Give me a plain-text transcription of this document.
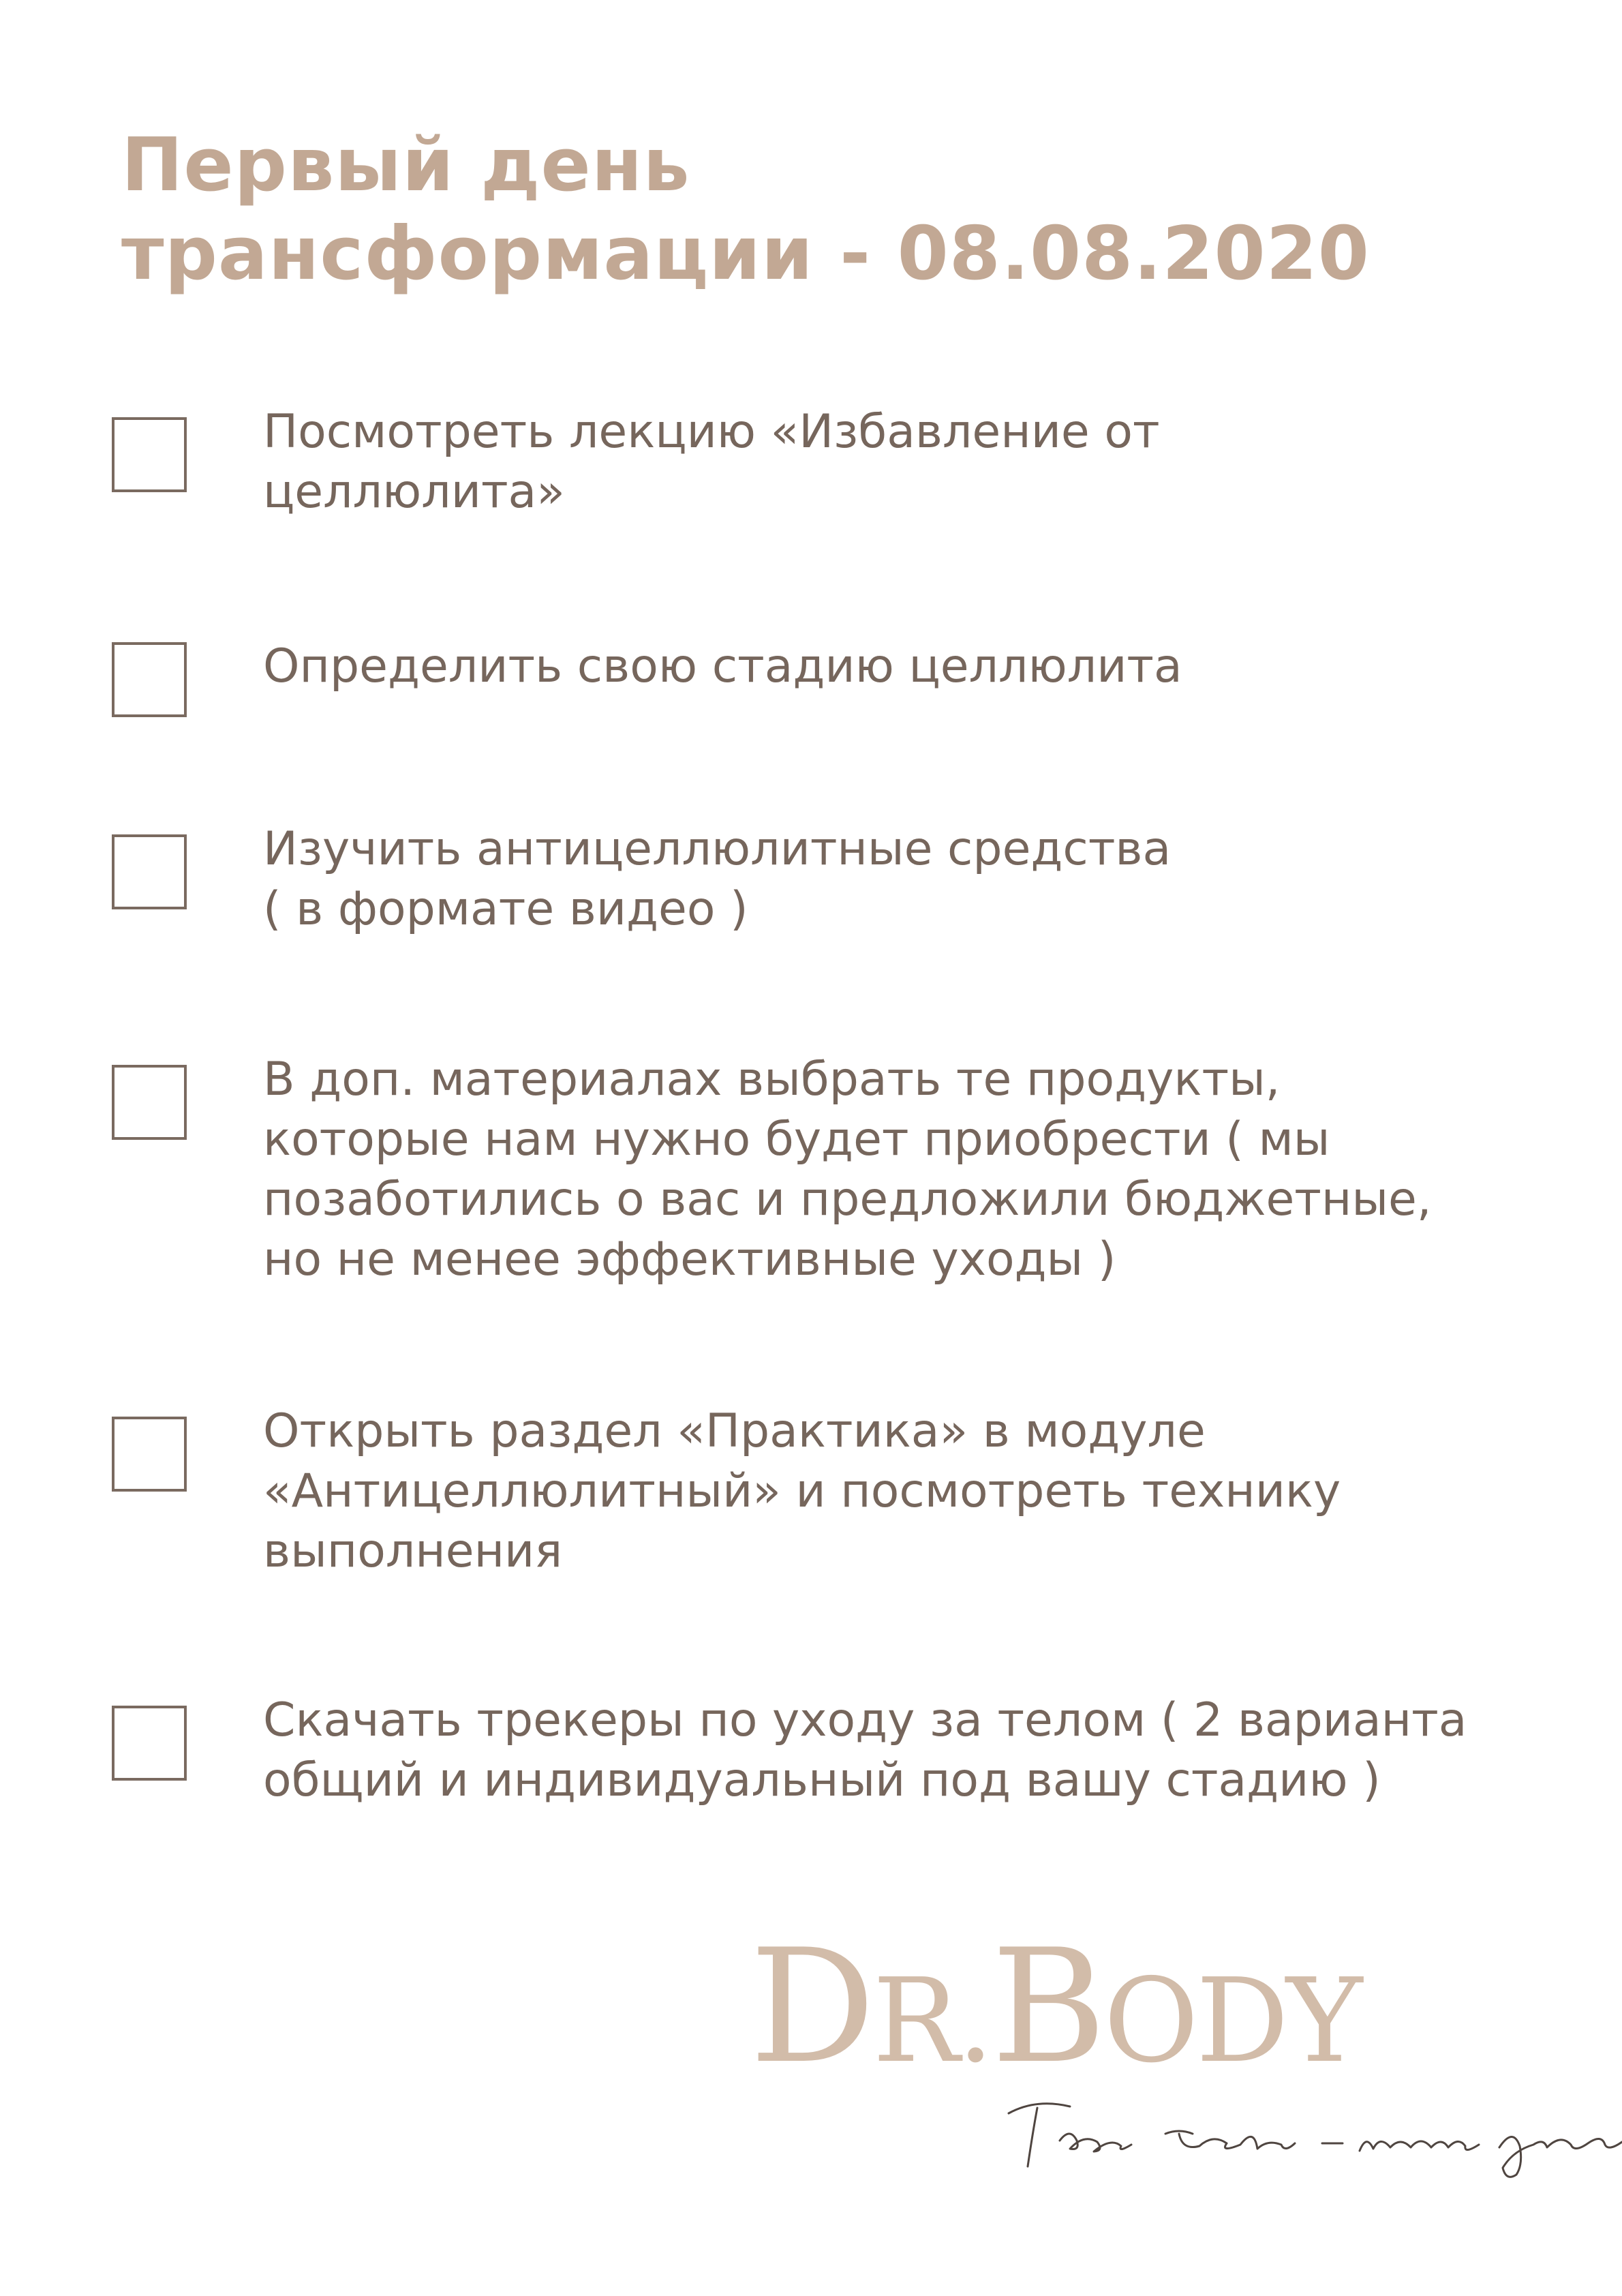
Первый день
трансформации - 08.08.2020

Посмотреть лекцию «Избавление от
целлюлита»

Определить свою стадию целлюлита

Изучить антицеллюлитные средства
( в формате видео )

В доп. материалах выбрать те продукты,
которые нам нужно будет приобрести ( мы
позаботились о вас и предложили бюджетные,
но не менее эффективные уходы )

Открыть раздел «Практика» в модуле
«Антицеллюлитный» и посмотреть технику
выполнения

Скачать трекеры по уходу за телом ( 2 варианта
общий и индивидуальный под вашу стадию )

DR.BODY
Твое тело – наше дело
